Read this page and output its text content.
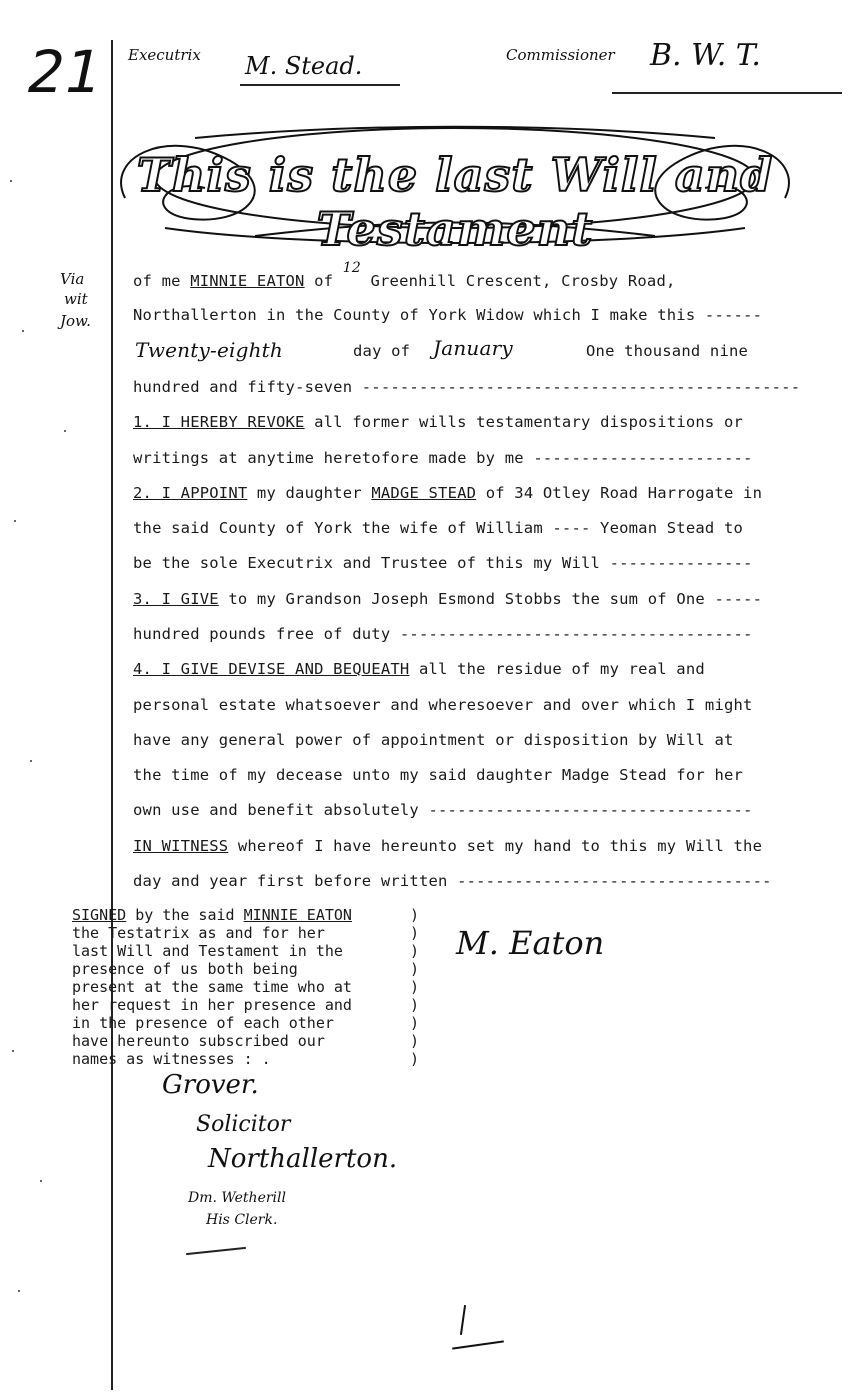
21 Executrix M. Stead.	Commissioner B. W. T.
This is the last Will and Testament
Via
wit
Jow.
of me MINNIE EATON of 12 Greenhill Crescent, Crosby Road,
Northallerton in the County of York Widow which I make this ------
Twenty-eighth	day of January	One thousand nine
hundred and fifty-seven ----------------------------------------------
1. I HEREBY REVOKE all former wills testamentary dispositions or
writings at anytime heretofore made by me -----------------------
2. I APPOINT my daughter MADGE STEAD of 34 Otley Road Harrogate in
the said County of York the wife of William ---- Yeoman Stead to
be the sole Executrix and Trustee of this my Will ---------------
3. I GIVE to my Grandson Joseph Esmond Stobbs the sum of One -----
hundred pounds free of duty -------------------------------------
4. I GIVE DEVISE AND BEQUEATH all the residue of my real and
personal estate whatsoever and wheresoever and over which I might
have any general power of appointment or disposition by Will at
the time of my decease unto my said daughter Madge Stead for her
own use and benefit absolutely ----------------------------------
IN WITNESS whereof I have hereunto set my hand to this my Will the
day and year first before written ---------------------------------
SIGNED by the said MINNIE EATON
the Testatrix as and for her
last Will and Testament in the
presence of us both being
present at the same time who at
her request in her presence and
in the presence of each other
have hereunto subscribed our
names as witnesses : .
)
)
)
)
)
)
)
)
)
M. Eaton
Grover.
Solicitor
Northallerton.
Dm. Wetherill
His Clerk.
